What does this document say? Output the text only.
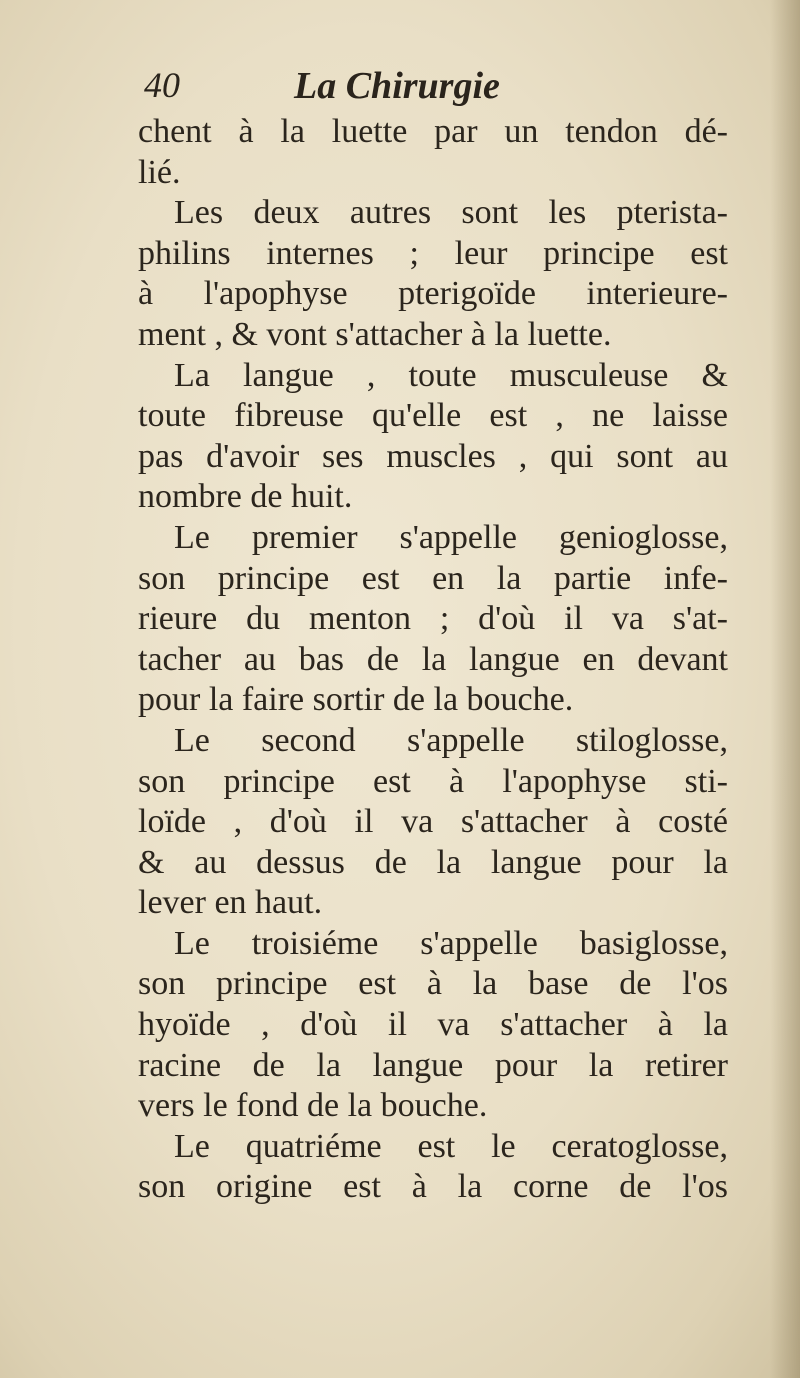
40	La Chirurgie
chent à la luette par un tendon dé-
lié.
Les deux autres sont les pterista-
philins internes ; leur principe est
à l'apophyse pterigoïde interieure-
ment , & vont s'attacher à la luette.
La langue , toute musculeuse &
toute fibreuse qu'elle est , ne laisse
pas d'avoir ses muscles , qui sont au
nombre de huit.
Le premier s'appelle genioglosse,
son principe est en la partie infe-
rieure du menton ; d'où il va s'at-
tacher au bas de la langue en devant
pour la faire sortir de la bouche.
Le second s'appelle stiloglosse,
son principe est à l'apophyse sti-
loïde , d'où il va s'attacher à costé
& au dessus de la langue pour la
lever en haut.
Le troisiéme s'appelle basiglosse,
son principe est à la base de l'os
hyoïde , d'où il va s'attacher à la
racine de la langue pour la retirer
vers le fond de la bouche.
Le quatriéme est le ceratoglosse,
son origine est à la corne de l'os
